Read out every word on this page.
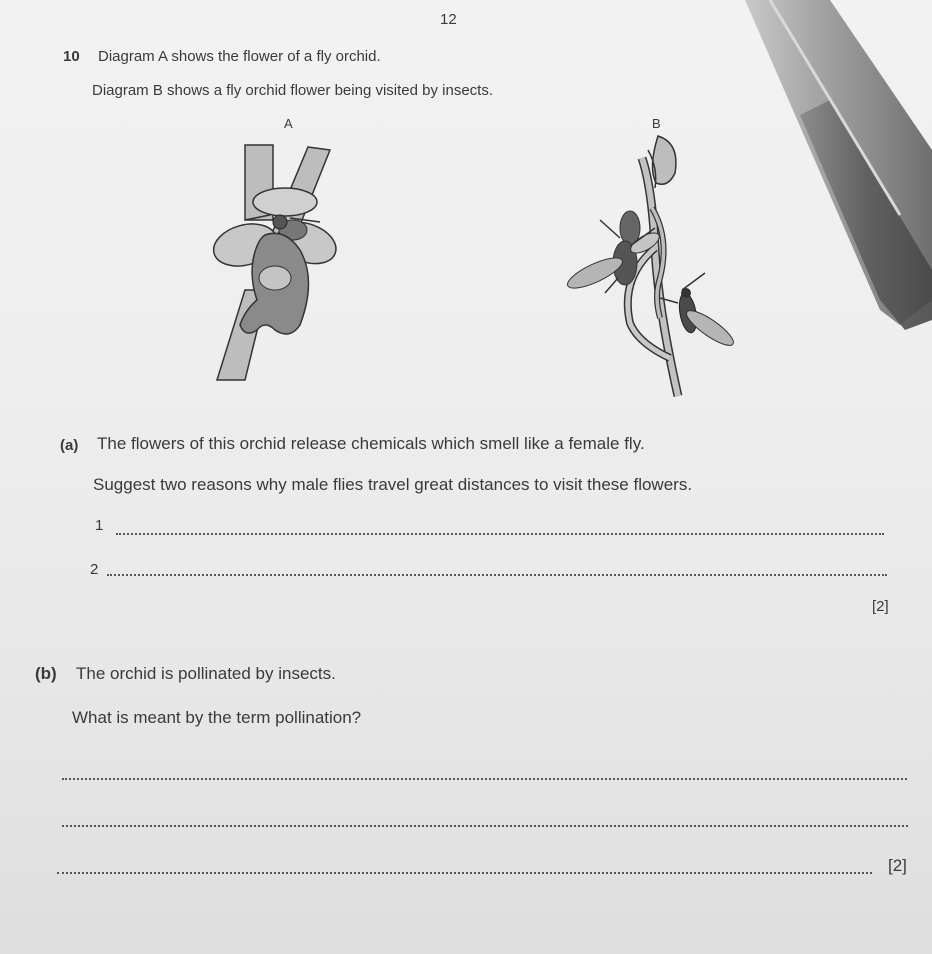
12
10 Diagram A shows the flower of a fly orchid.
Diagram B shows a fly orchid flower being visited by insects.
A	B
(a) The flowers of this orchid release chemicals which smell like a female fly.
Suggest two reasons why male flies travel great distances to visit these flowers.
1
2
[2]
(b) The orchid is pollinated by insects.
What is meant by the term pollination?
[2]
